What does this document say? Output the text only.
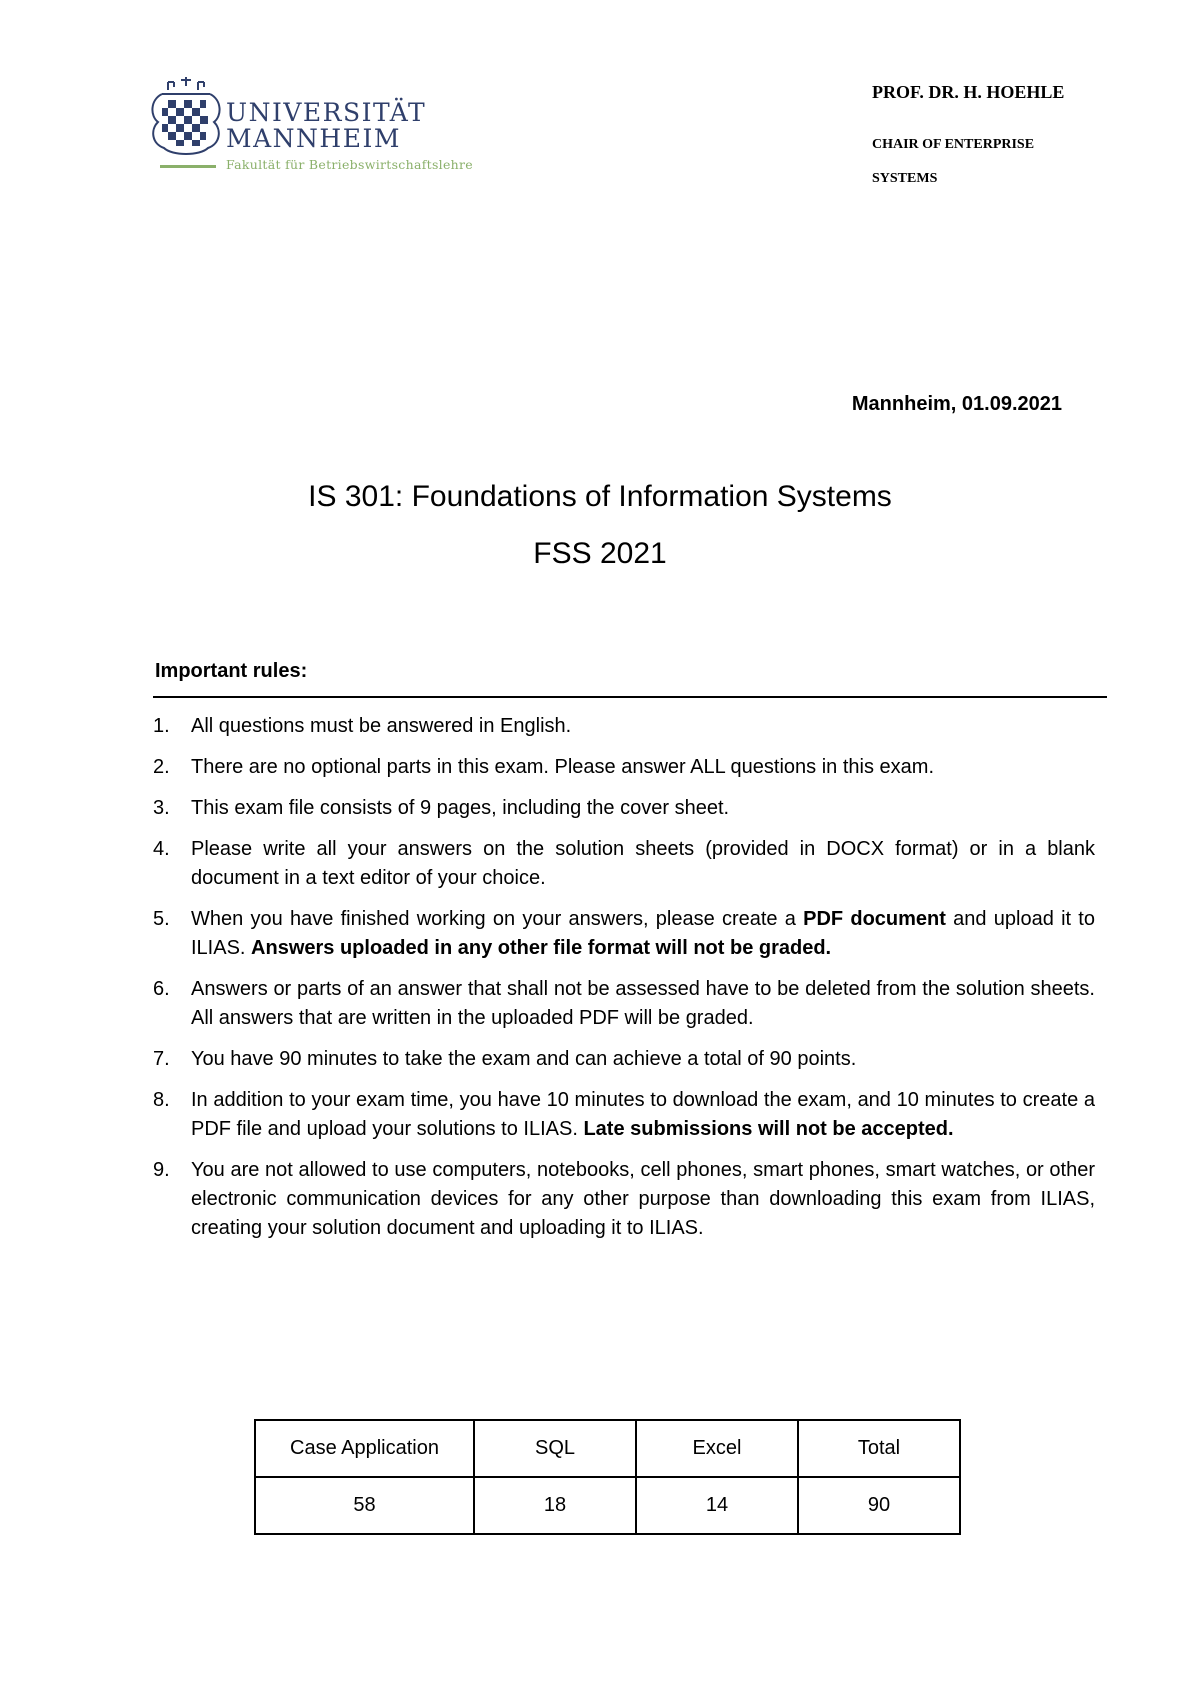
UNIVERSITÄT
MANNHEIM
Fakultät für Betriebswirtschaftslehre
PROF. DR. H. HOEHLE
CHAIR OF ENTERPRISE
SYSTEMS
Mannheim, 01.09.2021
IS 301: Foundations of Information Systems
FSS 2021
Important rules:
1. All questions must be answered in English.
2. There are no optional parts in this exam. Please answer ALL questions in this exam.
3. This exam file consists of 9 pages, including the cover sheet.
4. Please write all your answers on the solution sheets (provided in DOCX format) or in a blank document in a text editor of your choice.
5. When you have finished working on your answers, please create a PDF document and upload it to ILIAS. Answers uploaded in any other file format will not be graded.
6. Answers or parts of an answer that shall not be assessed have to be deleted from the solution sheets. All answers that are written in the uploaded PDF will be graded.
7. You have 90 minutes to take the exam and can achieve a total of 90 points.
8. In addition to your exam time, you have 10 minutes to download the exam, and 10 minutes to create a PDF file and upload your solutions to ILIAS. Late submissions will not be accepted.
9. You are not allowed to use computers, notebooks, cell phones, smart phones, smart watches, or other electronic communication devices for any other purpose than downloading this exam from ILIAS, creating your solution document and uploading it to ILIAS.
Case Application	SQL	Excel	Total
58	18	14	90
